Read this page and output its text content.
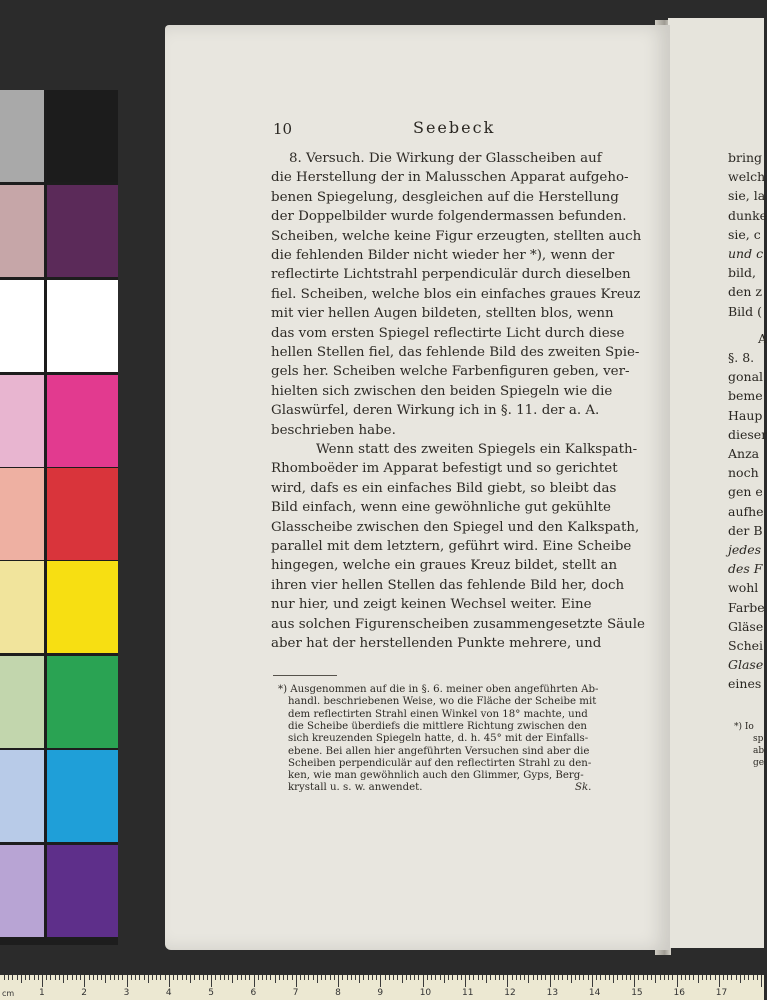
bring
welch
sie, la
dunke
sie, c
und c
bild,
den z
Bild (
A
§. 8.
gonal
beme
Haup
dieser
Anza
noch
gen e
aufhe
der B
jedes
des F
wohl
Farbe
Gläse
Schei
Glase
eines
*) Io
sp
ab
ge
10	Seebeck
8. Versuch. Die Wirkung der Glasscheiben auf
die Herstellung der in Malusschen Apparat aufgeho-
benen Spiegelung, desgleichen auf die Herstellung
der Doppelbilder wurde folgendermassen befunden.
Scheiben, welche keine Figur erzeugten, stellten auch
die fehlenden Bilder nicht wieder her *), wenn der
reflectirte Lichtstrahl perpendiculär durch dieselben
fiel. Scheiben, welche blos ein einfaches graues Kreuz
mit vier hellen Augen bildeten, stellten blos, wenn
das vom ersten Spiegel reflectirte Licht durch diese
hellen Stellen fiel, das fehlende Bild des zweiten Spie-
gels her. Scheiben welche Farbenfiguren geben, ver-
hielten sich zwischen den beiden Spiegeln wie die
Glaswürfel, deren Wirkung ich in §. 11. der a. A.
beschrieben habe.
Wenn statt des zweiten Spiegels ein Kalkspath-
Rhomboëder im Apparat befestigt und so gerichtet
wird, dafs es ein einfaches Bild giebt, so bleibt das
Bild einfach, wenn eine gewöhnliche gut gekühlte
Glasscheibe zwischen den Spiegel und den Kalkspath,
parallel mit dem letztern, geführt wird. Eine Scheibe
hingegen, welche ein graues Kreuz bildet, stellt an
ihren vier hellen Stellen das fehlende Bild her, doch
nur hier, und zeigt keinen Wechsel weiter. Eine
aus solchen Figurenscheiben zusammengesetzte Säule
aber hat der herstellenden Punkte mehrere, und
*) Ausgenommen auf die in §. 6. meiner oben angeführten Ab-
handl. beschriebenen Weise, wo die Fläche der Scheibe mit
dem reflectirten Strahl einen Winkel von 18° machte, und
die Scheibe überdiefs die mittlere Richtung zwischen den
sich kreuzenden Spiegeln hatte, d. h. 45° mit der Einfalls-
ebene. Bei allen hier angeführten Versuchen sind aber die
Scheiben perpendiculär auf den reflectirten Strahl zu den-
ken, wie man gewöhnlich auch den Glimmer, Gyps, Berg-
krystall u. s. w. anwendet.	Sk.
cm	1	2	3	4	5	6	7	8	9	10	11	12	13	14	15	16	17
